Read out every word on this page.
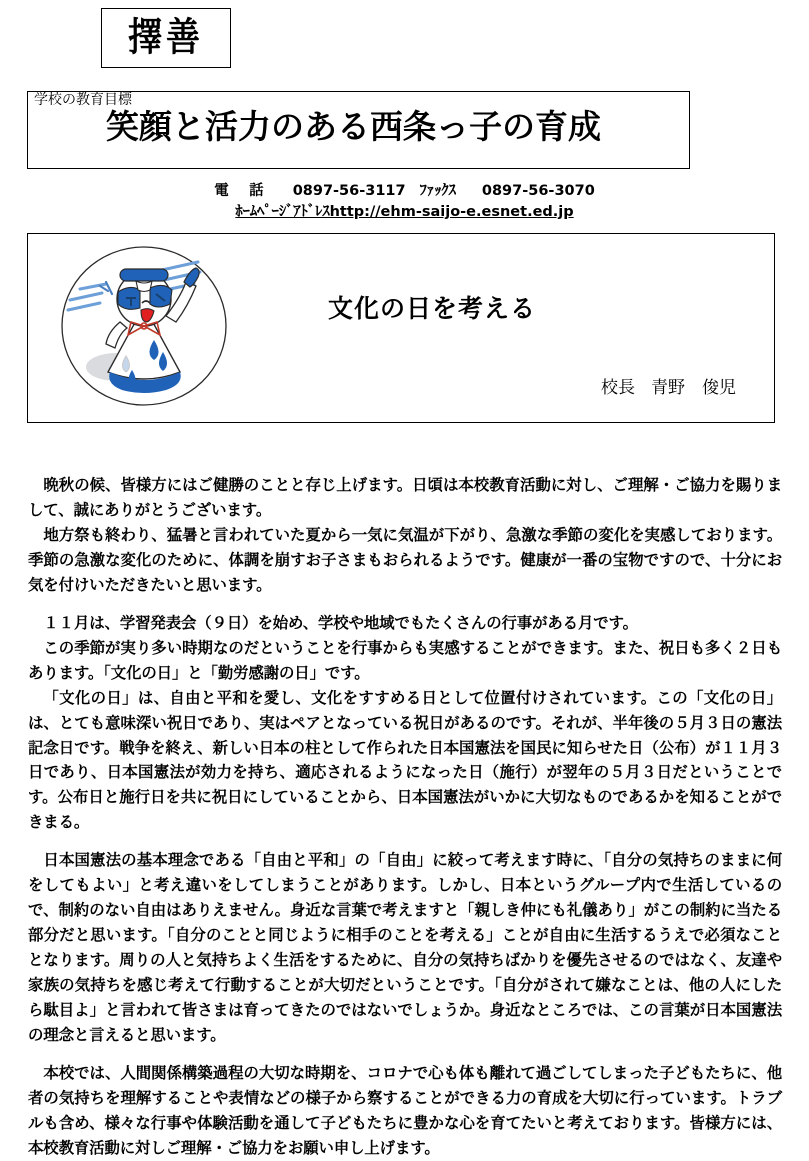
擇善
学校の教育目標
笑顔と活力のある西条っ子の育成
電　話 0897-56-3117 ﾌｧｯｸｽ 0897-56-3070
ﾎｰﾑﾍﾟｰｼﾞｱﾄﾞﾚｽhttp://ehm-saijo-e.esnet.ed.jp
文化の日を考える
校長 青野　俊児

晩秋の候、皆様方にはご健勝のことと存じ上げます。日頃は本校教育活動に対し、ご理解・ご協力を賜りまして、誠にありがとうございます。

地方祭も終わり、猛暑と言われていた夏から一気に気温が下がり、急激な季節の変化を実感しております。季節の急激な変化のために、体調を崩すお子さまもおられるようです。健康が一番の宝物ですので、十分にお気を付けいただきたいと思います。

１１月は、学習発表会（９日）を始め、学校や地域でもたくさんの行事がある月です。

この季節が実り多い時期なのだということを行事からも実感することができます。また、祝日も多く２日もあります。「文化の日」と「勤労感謝の日」です。

「文化の日」は、自由と平和を愛し、文化をすすめる日として位置付けされています。この「文化の日」は、とても意味深い祝日であり、実はペアとなっている祝日があるのです。それが、半年後の５月３日の憲法記念日です。戦争を終え、新しい日本の柱として作られた日本国憲法を国民に知らせた日（公布）が１１月３日であり、日本国憲法が効力を持ち、適応されるようになった日（施行）が翌年の５月３日だということです。公布日と施行日を共に祝日にしていることから、日本国憲法がいかに大切なものであるかを知ることができまる。

日本国憲法の基本理念である「自由と平和」の「自由」に絞って考えます時に、「自分の気持ちのままに何をしてもよい」と考え違いをしてしまうことがあります。しかし、日本というグループ内で生活しているので、制約のない自由はありえません。身近な言葉で考えますと「親しき仲にも礼儀あり」がこの制約に当たる部分だと思います。「自分のことと同じように相手のことを考える」ことが自由に生活するうえで必須なこととなります。周りの人と気持ちよく生活をするために、自分の気持ちばかりを優先させるのではなく、友達や家族の気持ちを感じ考えて行動することが大切だということです。「自分がされて嫌なことは、他の人にしたら駄目よ」と言われて皆さまは育ってきたのではないでしょうか。身近なところでは、この言葉が日本国憲法の理念と言えると思います。

本校では、人間関係構築過程の大切な時期を、コロナで心も体も離れて過ごしてしまった子どもたちに、他者の気持ちを理解することや表情などの様子から察することができる力の育成を大切に行っています。トラブルも含め、様々な行事や体験活動を通して子どもたちに豊かな心を育てたいと考えております。皆様方には、本校教育活動に対しご理解・ご協力をお願い申し上げます。
